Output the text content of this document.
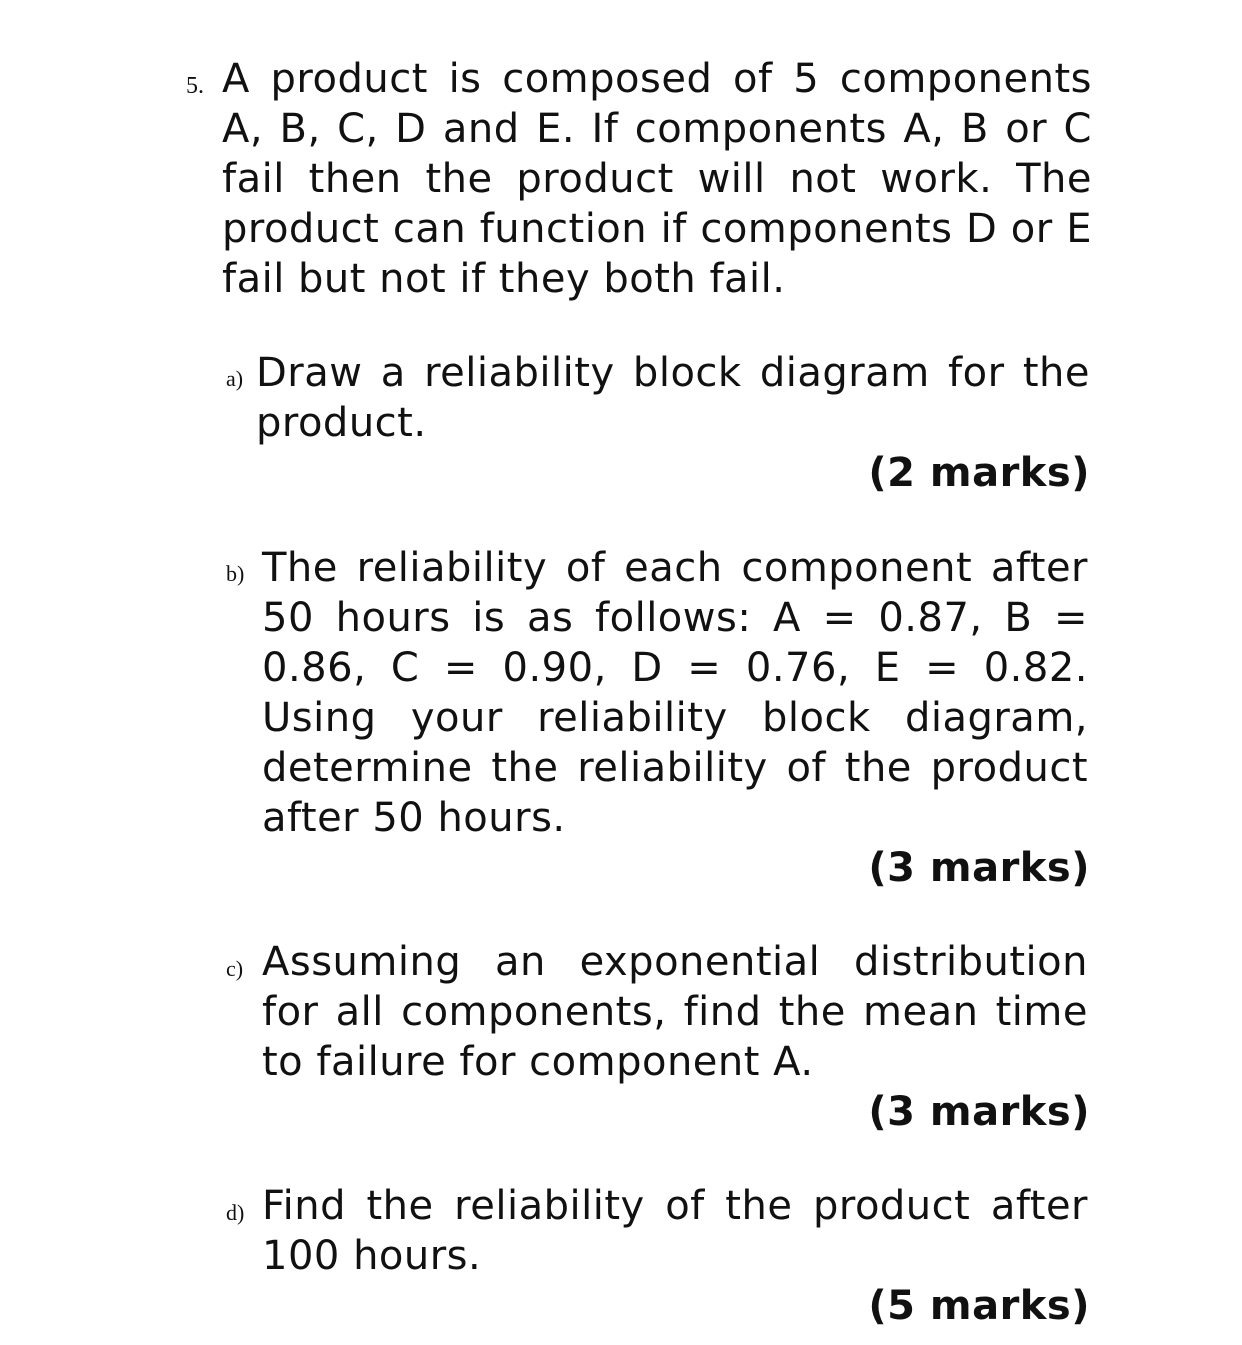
5. A product is composed of 5 components A, B, C, D and E. If components A, B or C fail then the product will not work. The product can function if components D or E fail but not if they both fail.
a) Draw a reliability block diagram for the product.
(2 marks)
b) The reliability of each component after 50 hours is as follows: A = 0.87, B = 0.86, C = 0.90, D = 0.76, E = 0.82. Using your reliability block diagram, determine the reliability of the product after 50 hours.
(3 marks)
c) Assuming an exponential distribution for all components, find the mean time to failure for component A.
(3 marks)
d) Find the reliability of the product after 100 hours.
(5 marks)
